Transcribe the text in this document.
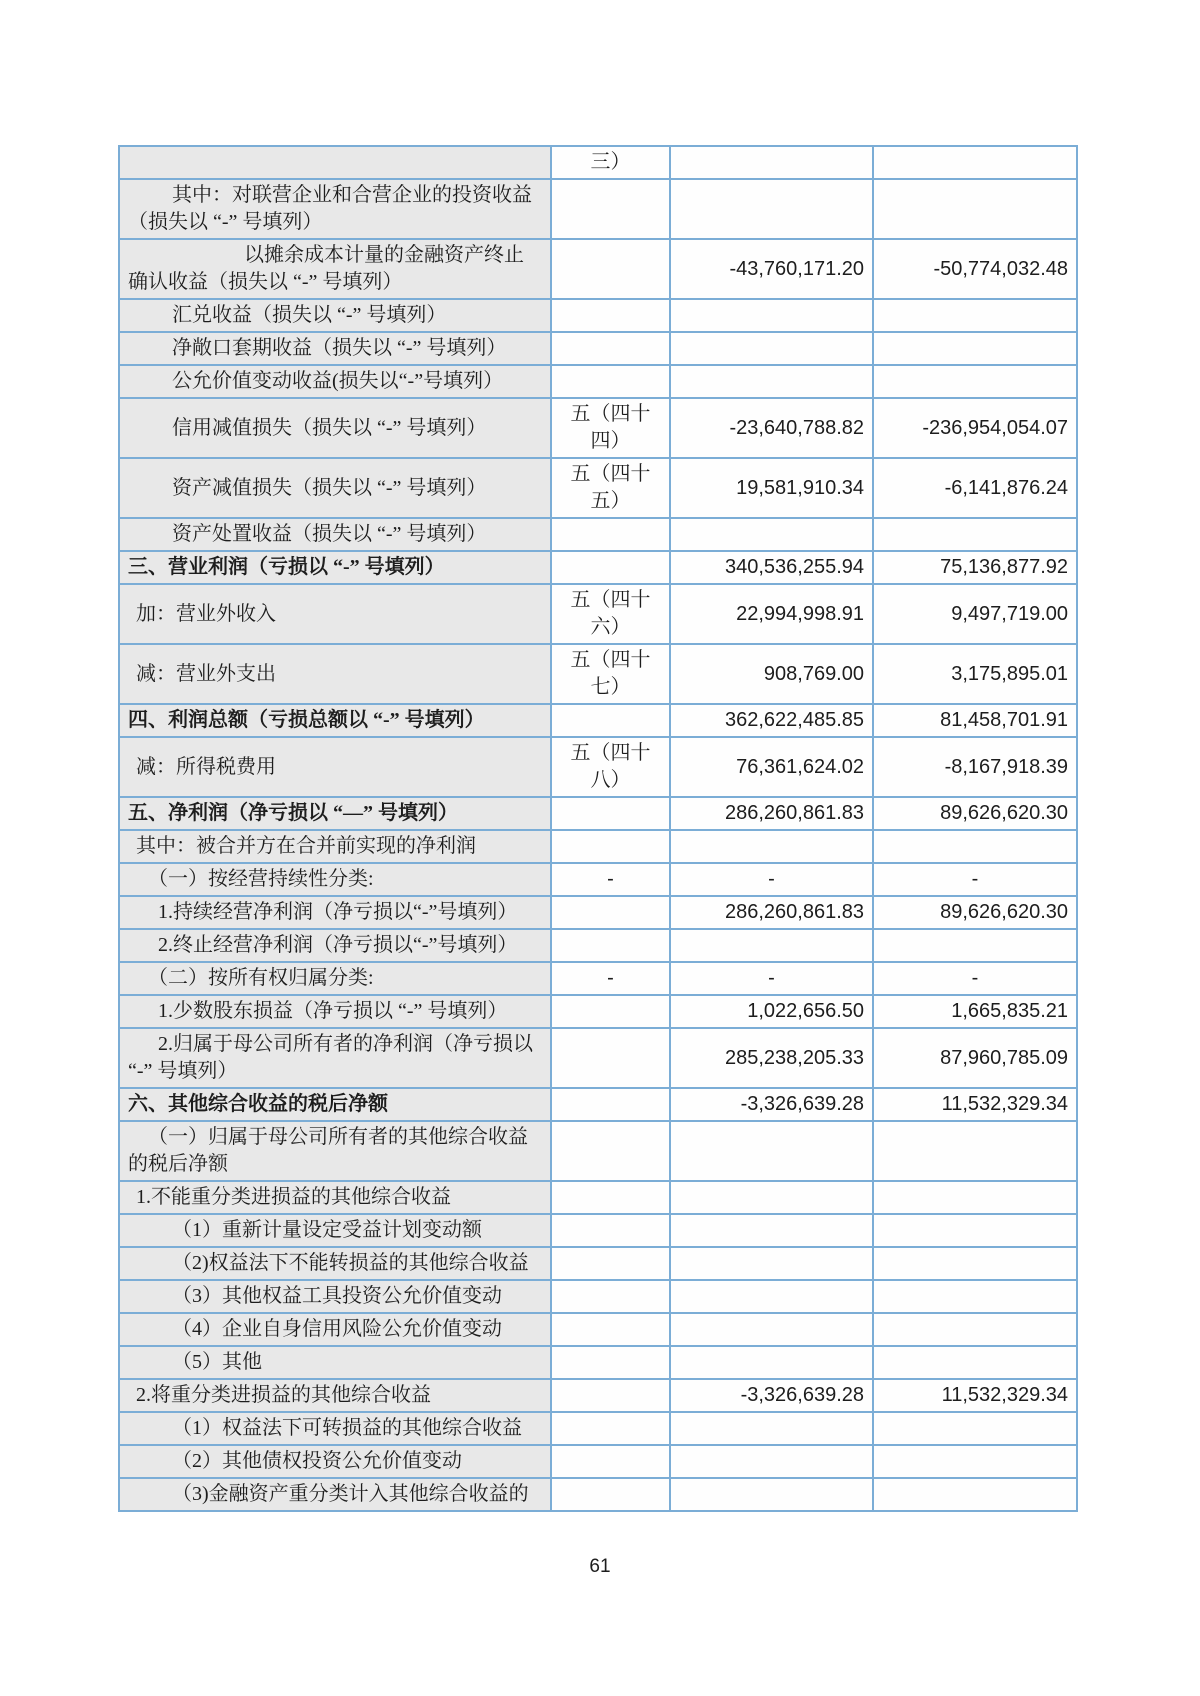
	三）		
其中：对联营企业和合营企业的投资收益（损失以 “-” 号填列）			
以摊余成本计量的金融资产终止确认收益（损失以 “-” 号填列）		-43,760,171.20	-50,774,032.48
汇兑收益（损失以 “-” 号填列）			
净敞口套期收益（损失以 “-” 号填列）			
公允价值变动收益(损失以“-”号填列）			
信用减值损失（损失以 “-” 号填列）	五（四十四）	-23,640,788.82	-236,954,054.07
资产减值损失（损失以 “-” 号填列）	五（四十五）	19,581,910.34	-6,141,876.24
资产处置收益（损失以 “-” 号填列）			
三、营业利润（亏损以 “-” 号填列）		340,536,255.94	75,136,877.92
加：营业外收入	五（四十六）	22,994,998.91	9,497,719.00
减：营业外支出	五（四十七）	908,769.00	3,175,895.01
四、利润总额（亏损总额以 “-” 号填列）		362,622,485.85	81,458,701.91
减：所得税费用	五（四十八）	76,361,624.02	-8,167,918.39
五、净利润（净亏损以 “—” 号填列）		286,260,861.83	89,626,620.30
其中：被合并方在合并前实现的净利润			
（一）按经营持续性分类:	-	-	-
1.持续经营净利润（净亏损以“-”号填列）		286,260,861.83	89,626,620.30
2.终止经营净利润（净亏损以“-”号填列）			
（二）按所有权归属分类:	-	-	-
1.少数股东损益（净亏损以 “-” 号填列）		1,022,656.50	1,665,835.21
2.归属于母公司所有者的净利润（净亏损以 “-” 号填列）		285,238,205.33	87,960,785.09
六、其他综合收益的税后净额		-3,326,639.28	11,532,329.34
（一）归属于母公司所有者的其他综合收益的税后净额			
1.不能重分类进损益的其他综合收益			
（1）重新计量设定受益计划变动额			
（2)权益法下不能转损益的其他综合收益			
（3）其他权益工具投资公允价值变动			
（4）企业自身信用风险公允价值变动			
（5）其他			
2.将重分类进损益的其他综合收益		-3,326,639.28	11,532,329.34
（1）权益法下可转损益的其他综合收益			
（2）其他债权投资公允价值变动			
（3)金融资产重分类计入其他综合收益的			
61
